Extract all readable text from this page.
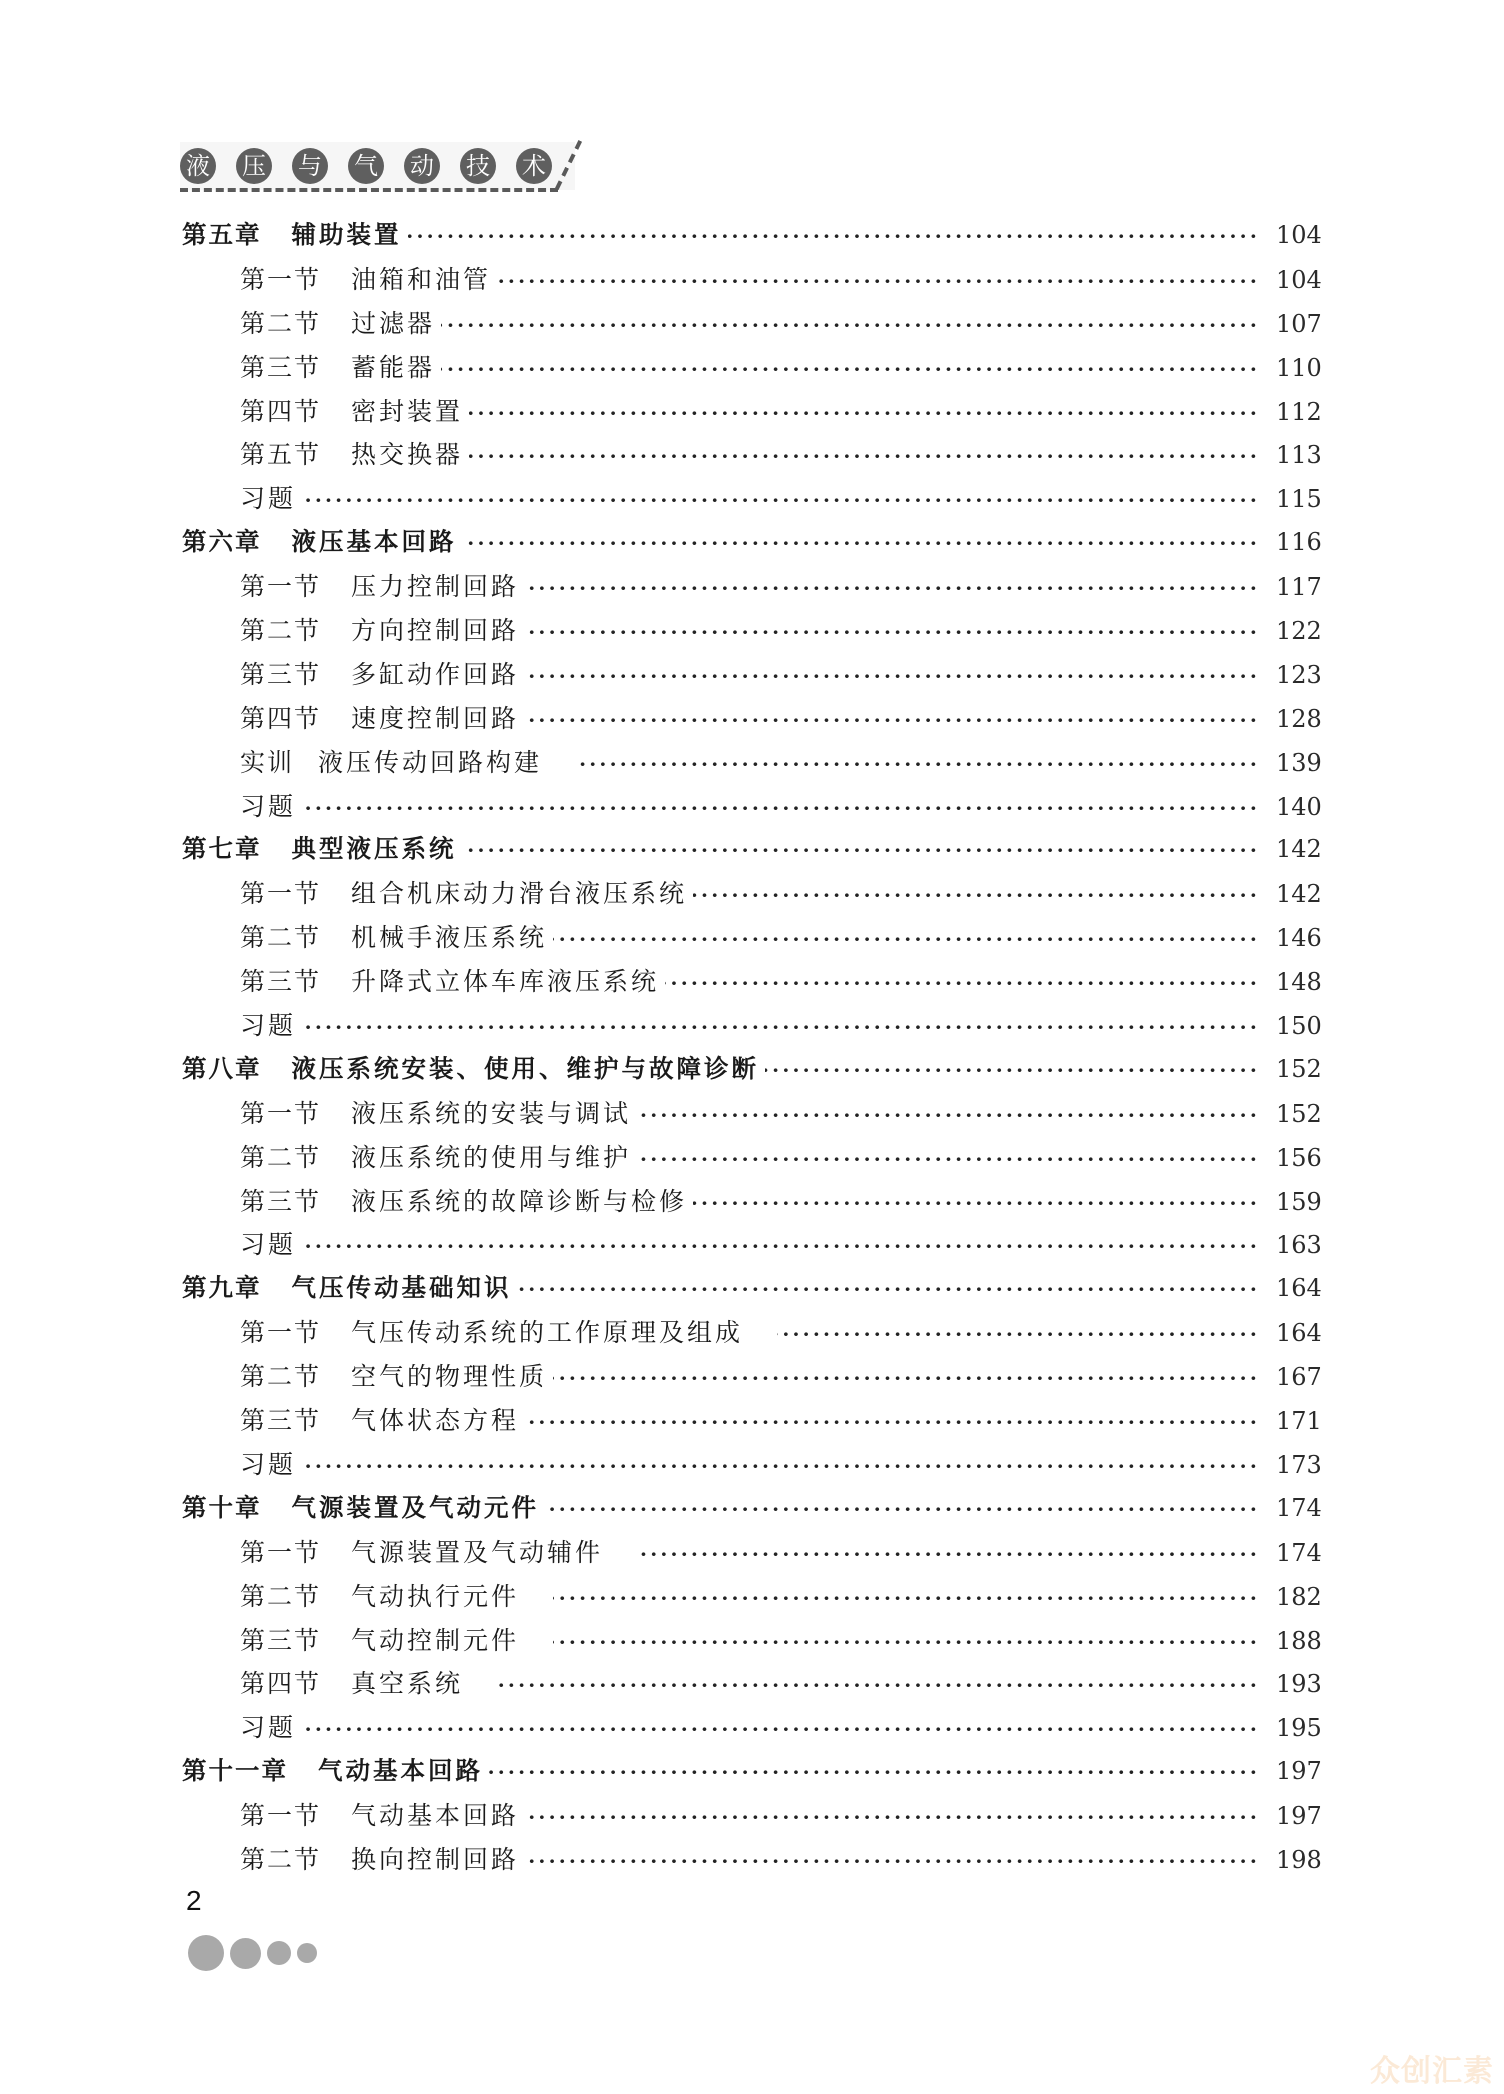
液 压 与 气 动 技 术
第五章 辅助装置 ·····	104
第一节 油箱和油管 ·····	104
第二节 过滤器 ·····	107
第三节 蓄能器 ·····	110
第四节 密封装置 ·····	112
第五节 热交换器 ·····	113
习题 ·····	115
第六章 液压基本回路 ·····	116
第一节 压力控制回路 ·····	117
第二节 方向控制回路 ·····	122
第三节 多缸动作回路 ·····	123
第四节 速度控制回路 ·····	128
实训 液压传动回路构建 ·····	139
习题 ·····	140
第七章 典型液压系统 ·····	142
第一节 组合机床动力滑台液压系统 ·····	142
第二节 机械手液压系统 ·····	146
第三节 升降式立体车库液压系统 ·····	148
习题 ·····	150
第八章 液压系统安装、使用、维护与故障诊断 ·····	152
第一节 液压系统的安装与调试 ·····	152
第二节 液压系统的使用与维护 ·····	156
第三节 液压系统的故障诊断与检修 ·····	159
习题 ·····	163
第九章 气压传动基础知识 ·····	164
第一节 气压传动系统的工作原理及组成 ·····	164
第二节 空气的物理性质 ·····	167
第三节 气体状态方程 ·····	171
习题 ·····	173
第十章 气源装置及气动元件 ·····	174
第一节 气源装置及气动辅件 ·····	174
第二节 气动执行元件 ·····	182
第三节 气动控制元件 ·····	188
第四节 真空系统 ·····	193
习题 ·····	195
第十一章 气动基本回路 ·····	197
第一节 气动基本回路 ·····	197
第二节 换向控制回路 ·····	198
2
众创汇素
